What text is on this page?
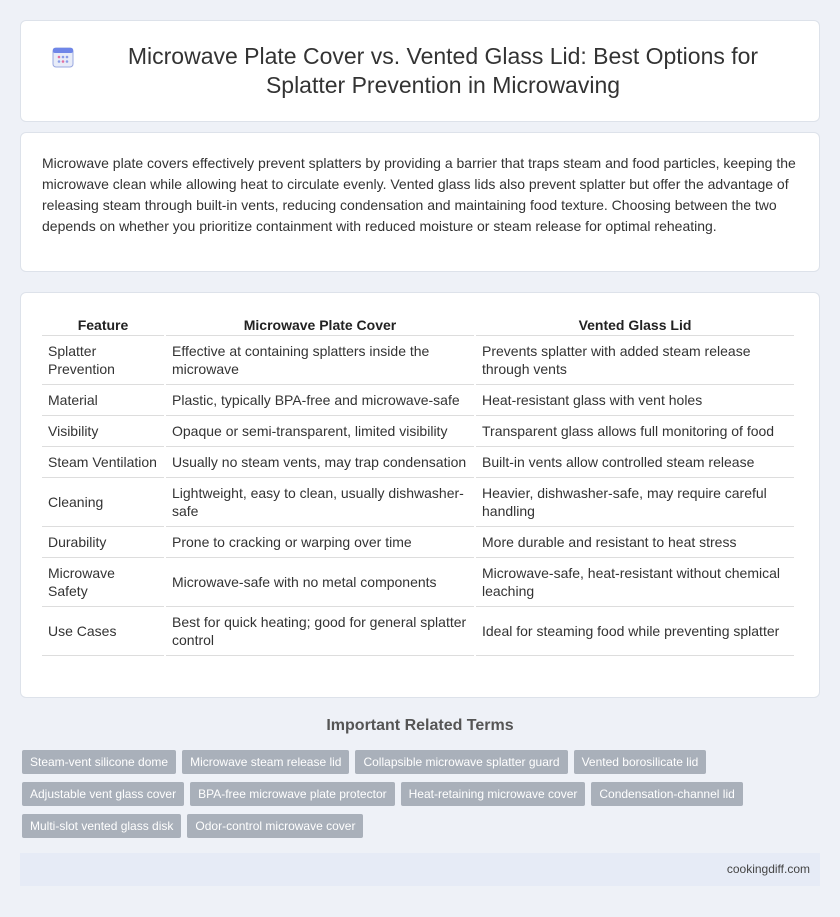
Microwave Plate Cover vs. Vented Glass Lid: Best Options for Splatter Prevention in Microwaving

Microwave plate covers effectively prevent splatters by providing a barrier that traps steam and food particles, keeping the microwave clean while allowing heat to circulate evenly. Vented glass lids also prevent splatter but offer the advantage of releasing steam through built-in vents, reducing condensation and maintaining food texture. Choosing between the two depends on whether you prioritize containment with reduced moisture or steam release for optimal reheating.

Feature	Microwave Plate Cover	Vented Glass Lid
Splatter Prevention	Effective at containing splatters inside the microwave	Prevents splatter with added steam release through vents
Material	Plastic, typically BPA-free and microwave-safe	Heat-resistant glass with vent holes
Visibility	Opaque or semi-transparent, limited visibility	Transparent glass allows full monitoring of food
Steam Ventilation	Usually no steam vents, may trap condensation	Built-in vents allow controlled steam release
Cleaning	Lightweight, easy to clean, usually dishwasher-safe	Heavier, dishwasher-safe, may require careful handling
Durability	Prone to cracking or warping over time	More durable and resistant to heat stress
Microwave Safety	Microwave-safe with no metal components	Microwave-safe, heat-resistant without chemical leaching
Use Cases	Best for quick heating; good for general splatter control	Ideal for steaming food while preventing splatter
Important Related Terms
Steam-vent silicone dome	Microwave steam release lid	Collapsible microwave splatter guard	Vented borosilicate lid
Adjustable vent glass cover	BPA-free microwave plate protector	Heat-retaining microwave cover	Condensation-channel lid
Multi-slot vented glass disk	Odor-control microwave cover
cookingdiff.com
